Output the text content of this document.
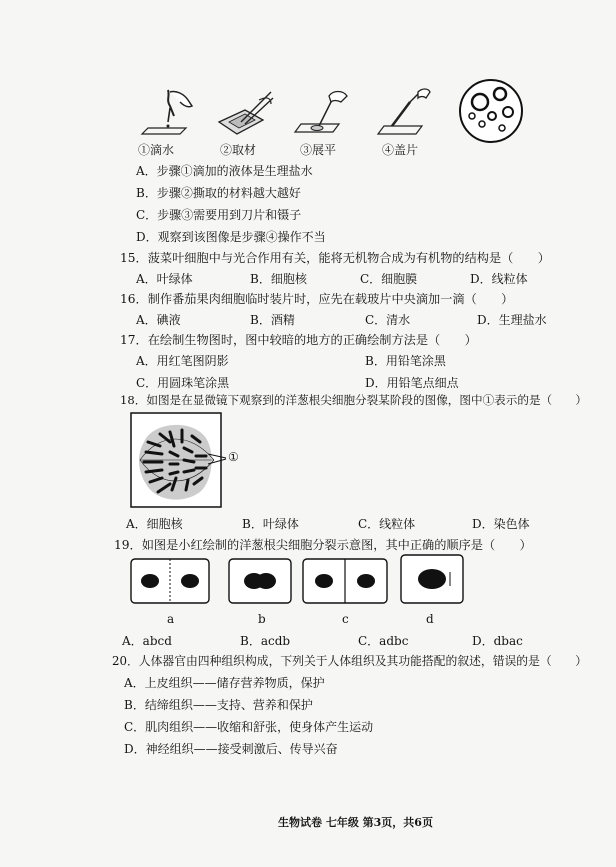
①滴水	②取材	③展平	④盖片
A．步骤①滴加的液体是生理盐水
B．步骤②撕取的材料越大越好
C．步骤③需要用到刀片和镊子
D．观察到该图像是步骤④操作不当
15．菠菜叶细胞中与光合作用有关，能将无机物合成为有机物的结构是（　　）
A．叶绿体	B．细胞核	C．细胞膜	D．线粒体
16．制作番茄果肉细胞临时装片时，应先在载玻片中央滴加一滴（　　）
A．碘液	B．酒精	C．清水	D．生理盐水
17．在绘制生物图时，图中较暗的地方的正确绘制方法是（　　）
A．用红笔图阴影	B．用铅笔涂黑
C．用圆珠笔涂黑	D．用铅笔点细点
18．如图是在显微镜下观察到的洋葱根尖细胞分裂某阶段的图像，图中①表示的是（　　）
①
A．细胞核	B．叶绿体	C．线粒体	D．染色体
19．如图是小红绘制的洋葱根尖细胞分裂示意图，其中正确的顺序是（　　）
a	b	c	d
A．abcd	B．acdb	C．adbc	D．dbac
20．人体器官由四种组织构成，下列关于人体组织及其功能搭配的叙述，错误的是（　　）
A．上皮组织——储存营养物质，保护
B．结缔组织——支持、营养和保护
C．肌肉组织——收缩和舒张，使身体产生运动
D．神经组织——接受刺激后、传导兴奋
生物试卷 七年级 第3页，共6页
